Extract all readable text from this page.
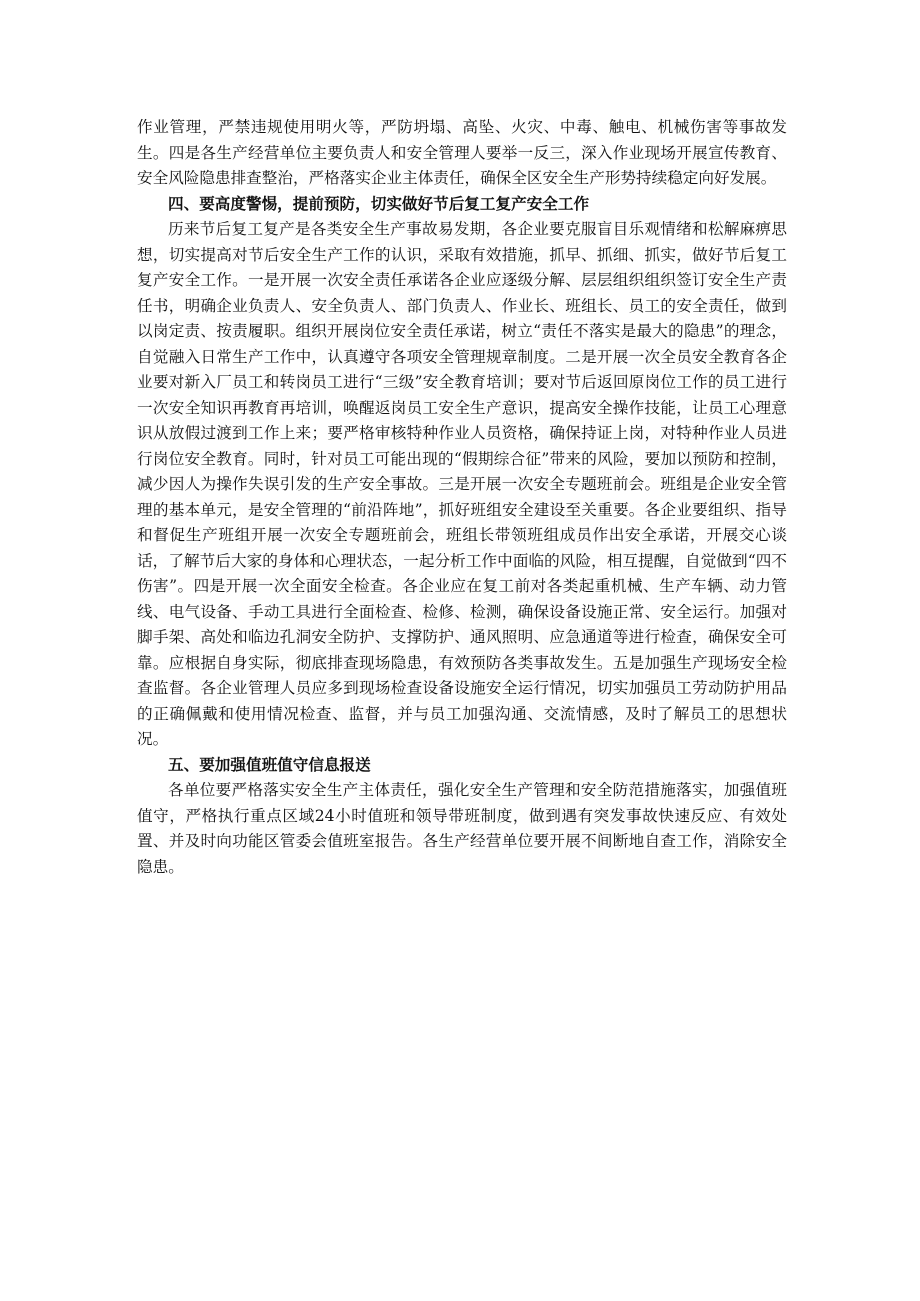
作业管理，严禁违规使用明火等，严防坍塌、高坠、火灾、中毒、触电、机械伤害等事故发生。四是各生产经营单位主要负责人和安全管理人要举一反三，深入作业现场开展宣传教育、安全风险隐患排查整治，严格落实企业主体责任，确保全区安全生产形势持续稳定向好发展。

四、要高度警惕，提前预防，切实做好节后复工复产安全工作

历来节后复工复产是各类安全生产事故易发期，各企业要克服盲目乐观情绪和松解麻痹思想，切实提高对节后安全生产工作的认识，采取有效措施，抓早、抓细、抓实，做好节后复工复产安全工作。一是开展一次安全责任承诺各企业应逐级分解、层层组织组织签订安全生产责任书，明确企业负责人、安全负责人、部门负责人、作业长、班组长、员工的安全责任，做到以岗定责、按责履职。组织开展岗位安全责任承诺，树立“责任不落实是最大的隐患”的理念，自觉融入日常生产工作中，认真遵守各项安全管理规章制度。二是开展一次全员安全教育各企业要对新入厂员工和转岗员工进行“三级”安全教育培训；要对节后返回原岗位工作的员工进行一次安全知识再教育再培训，唤醒返岗员工安全生产意识，提高安全操作技能，让员工心理意识从放假过渡到工作上来；要严格审核特种作业人员资格，确保持证上岗，对特种作业人员进行岗位安全教育。同时，针对员工可能出现的“假期综合征”带来的风险，要加以预防和控制，减少因人为操作失误引发的生产安全事故。三是开展一次安全专题班前会。班组是企业安全管理的基本单元，是安全管理的“前沿阵地”，抓好班组安全建设至关重要。各企业要组织、指导和督促生产班组开展一次安全专题班前会，班组长带领班组成员作出安全承诺，开展交心谈话，了解节后大家的身体和心理状态，一起分析工作中面临的风险，相互提醒，自觉做到“四不伤害”。四是开展一次全面安全检查。各企业应在复工前对各类起重机械、生产车辆、动力管线、电气设备、手动工具进行全面检查、检修、检测，确保设备设施正常、安全运行。加强对脚手架、高处和临边孔洞安全防护、支撑防护、通风照明、应急通道等进行检查，确保安全可靠。应根据自身实际，彻底排查现场隐患，有效预防各类事故发生。五是加强生产现场安全检查监督。各企业管理人员应多到现场检查设备设施安全运行情况，切实加强员工劳动防护用品的正确佩戴和使用情况检查、监督，并与员工加强沟通、交流情感，及时了解员工的思想状况。

五、要加强值班值守信息报送

各单位要严格落实安全生产主体责任，强化安全生产管理和安全防范措施落实，加强值班值守，严格执行重点区域24小时值班和领导带班制度，做到遇有突发事故快速反应、有效处置、并及时向功能区管委会值班室报告。各生产经营单位要开展不间断地自查工作，消除安全隐患。
